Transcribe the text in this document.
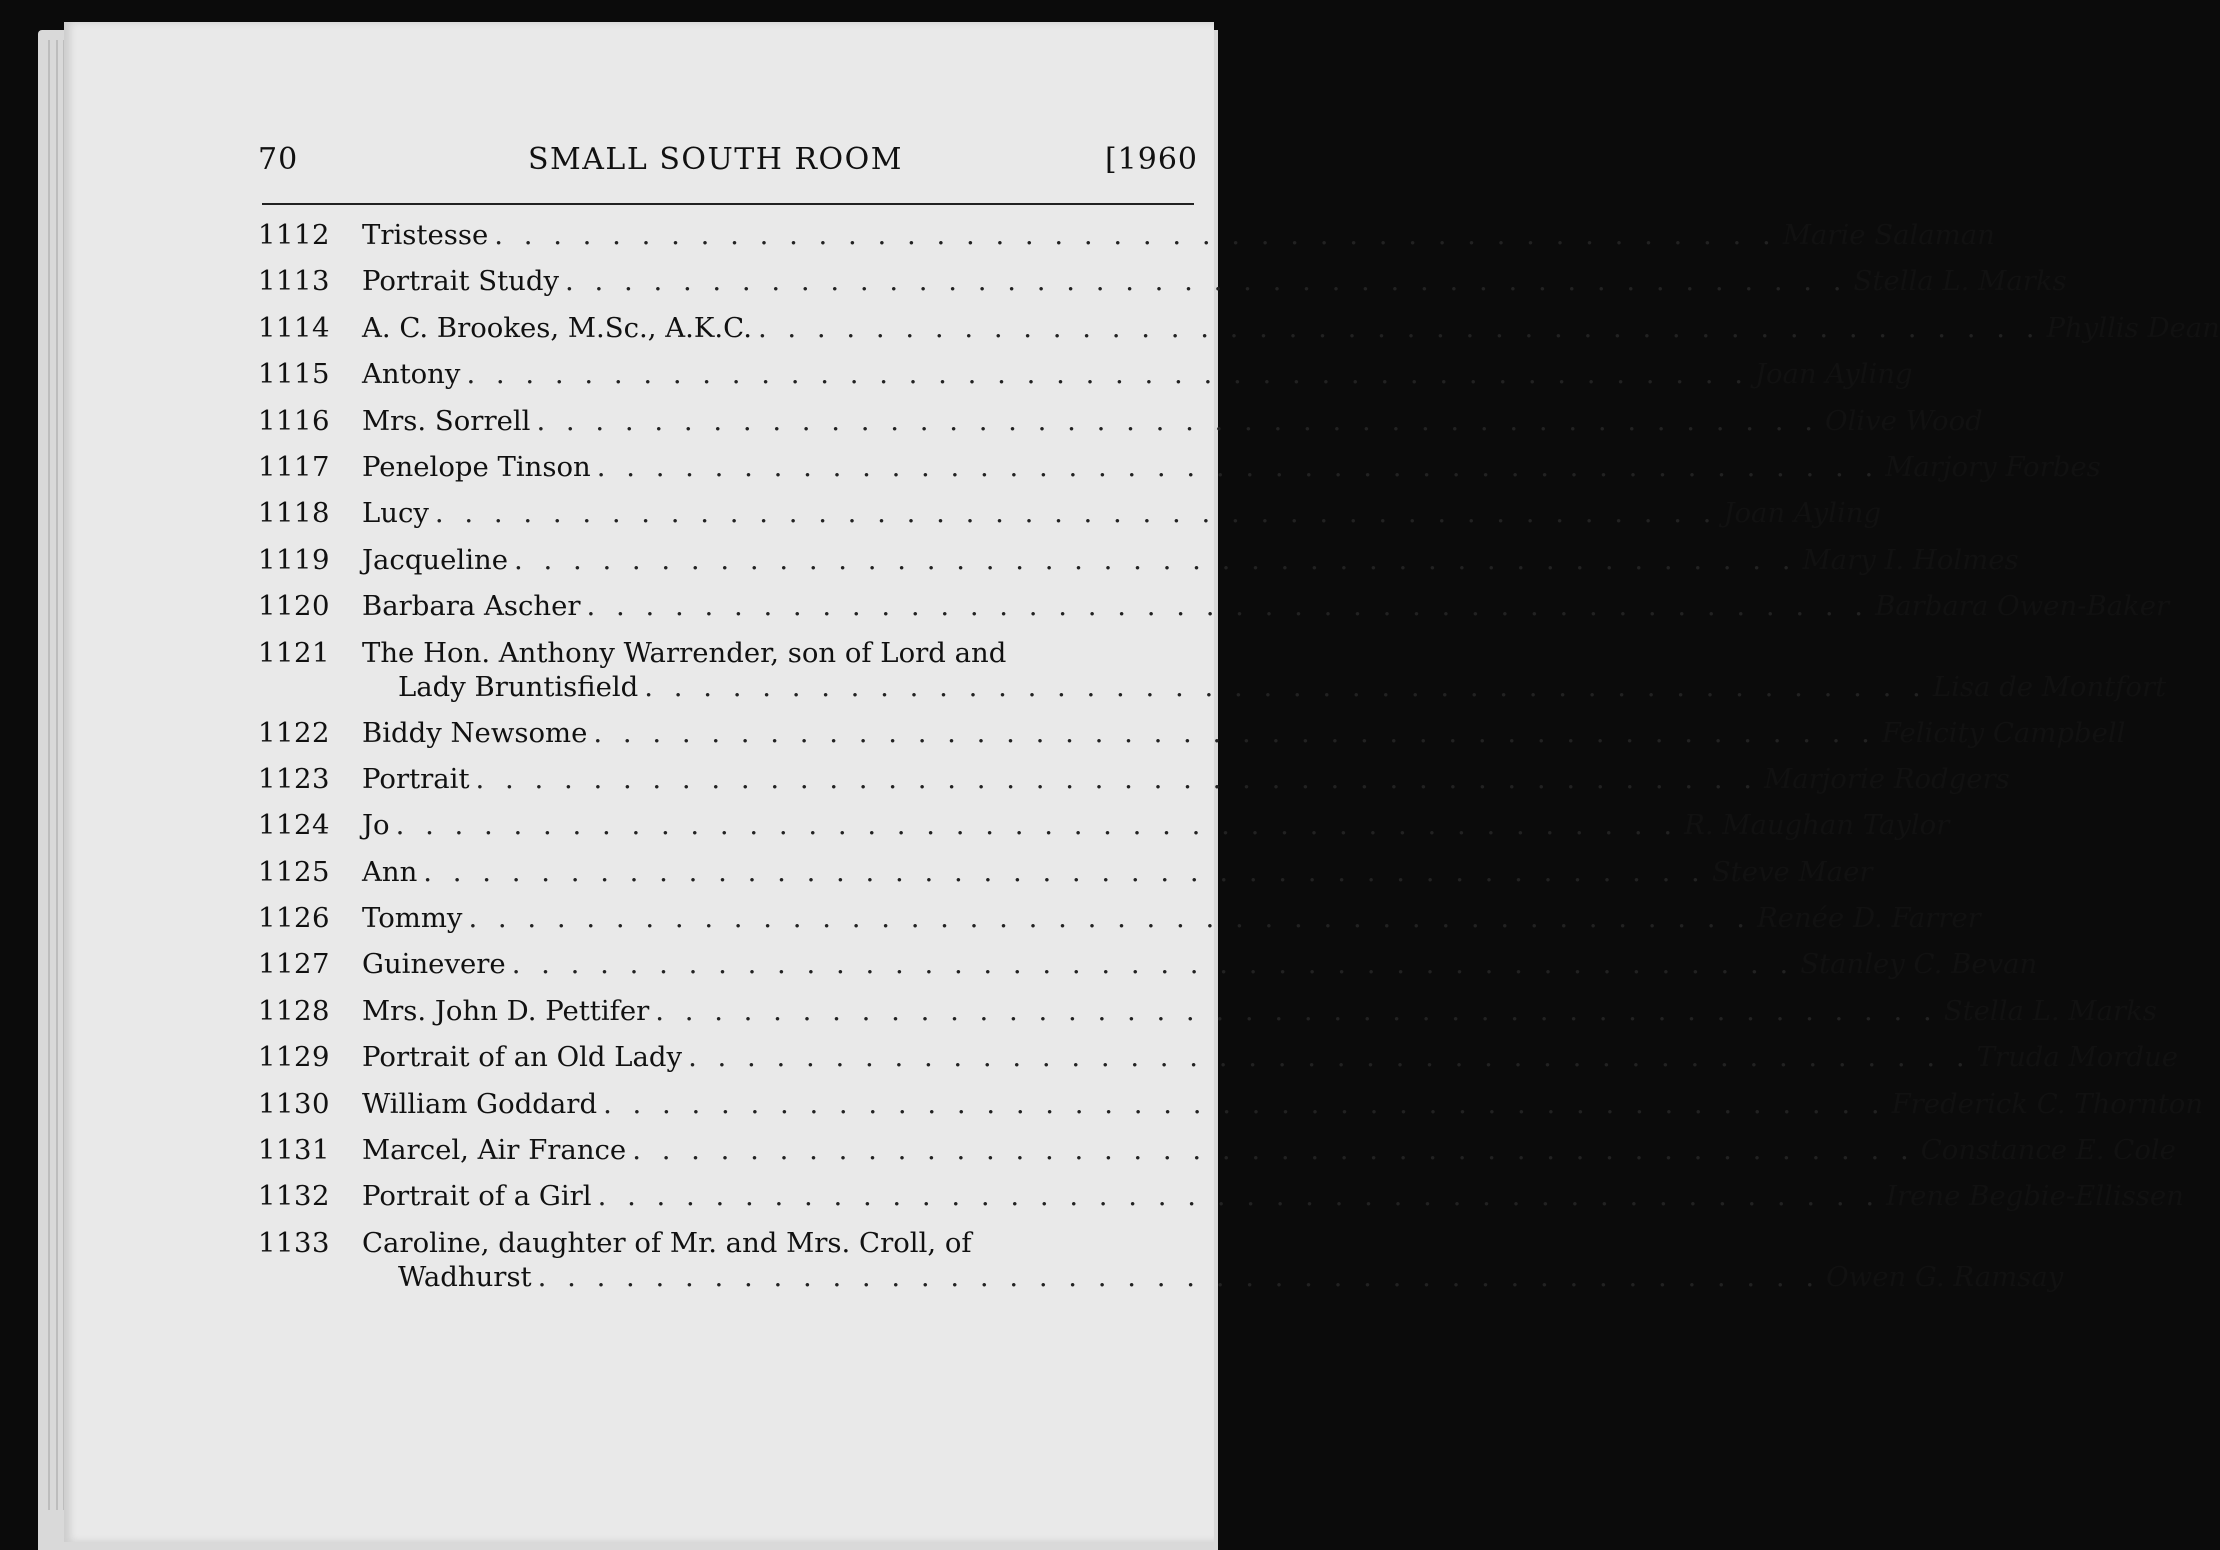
70	SMALL SOUTH ROOM	[1960
1112	Tristesse . . . . . . . . . . . . . . . . . . . . . . . . . . . . . . . . . . . . . . . . . . . . Marie Salaman
1113	Portrait Study . . . . . . . . . . . . . . . . . . . . . . . . . . . . . . . . . . . . . . . . . . . . Stella L. Marks
1114	A. C. Brookes, M.Sc., A.K.C. . . . . . . . . . . . . . . . . . . . . . . . . . . . . . . . . . . . . . . . . . . . . Phyllis Dean
1115	Antony . . . . . . . . . . . . . . . . . . . . . . . . . . . . . . . . . . . . . . . . . . . . Joan Ayling
1116	Mrs. Sorrell . . . . . . . . . . . . . . . . . . . . . . . . . . . . . . . . . . . . . . . . . . . . Olive Wood
1117	Penelope Tinson . . . . . . . . . . . . . . . . . . . . . . . . . . . . . . . . . . . . . . . . . . . . Marjory Forbes
1118	Lucy . . . . . . . . . . . . . . . . . . . . . . . . . . . . . . . . . . . . . . . . . . . . Joan Ayling
1119	Jacqueline . . . . . . . . . . . . . . . . . . . . . . . . . . . . . . . . . . . . . . . . . . . . Mary I. Holmes
1120	Barbara Ascher . . . . . . . . . . . . . . . . . . . . . . . . . . . . . . . . . . . . . . . . . . . . Barbara Owen-Baker
1121	The Hon. Anthony Warrender, son of Lord and
Lady Bruntisfield . . . . . . . . . . . . . . . . . . . . . . . . . . . . . . . . . . . . . . . . . . . . Lisa de Montfort
1122	Biddy Newsome . . . . . . . . . . . . . . . . . . . . . . . . . . . . . . . . . . . . . . . . . . . . Felicity Campbell
1123	Portrait . . . . . . . . . . . . . . . . . . . . . . . . . . . . . . . . . . . . . . . . . . . . Marjorie Rodgers
1124	Jo . . . . . . . . . . . . . . . . . . . . . . . . . . . . . . . . . . . . . . . . . . . . R. Maughan Taylor
1125	Ann . . . . . . . . . . . . . . . . . . . . . . . . . . . . . . . . . . . . . . . . . . . . Steve Maer
1126	Tommy . . . . . . . . . . . . . . . . . . . . . . . . . . . . . . . . . . . . . . . . . . . . Renée D. Farrer
1127	Guinevere . . . . . . . . . . . . . . . . . . . . . . . . . . . . . . . . . . . . . . . . . . . . Stanley C. Bevan
1128	Mrs. John D. Pettifer . . . . . . . . . . . . . . . . . . . . . . . . . . . . . . . . . . . . . . . . . . . . Stella L. Marks
1129	Portrait of an Old Lady . . . . . . . . . . . . . . . . . . . . . . . . . . . . . . . . . . . . . . . . . . . . Truda Mordue
1130	William Goddard . . . . . . . . . . . . . . . . . . . . . . . . . . . . . . . . . . . . . . . . . . . . Frederick C. Thornton
1131	Marcel, Air France . . . . . . . . . . . . . . . . . . . . . . . . . . . . . . . . . . . . . . . . . . . . Constance E. Cole
1132	Portrait of a Girl . . . . . . . . . . . . . . . . . . . . . . . . . . . . . . . . . . . . . . . . . . . . Irene Begbie-Ellissen
1133	Caroline, daughter of Mr. and Mrs. Croll, of
Wadhurst . . . . . . . . . . . . . . . . . . . . . . . . . . . . . . . . . . . . . . . . . . . . Owen G. Ramsay
